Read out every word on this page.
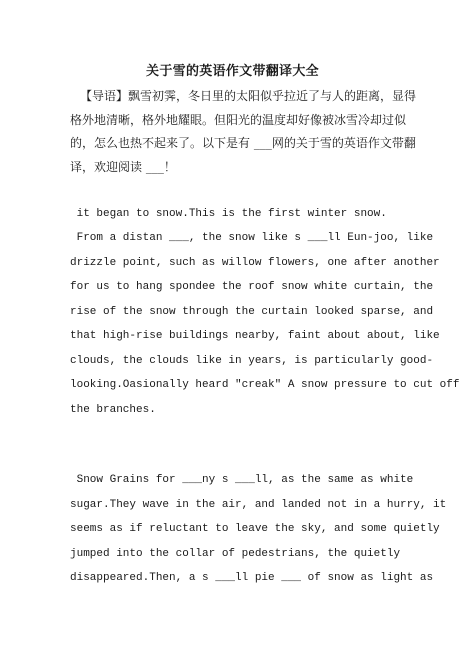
关于雪的英语作文带翻译大全
【导语】飘雪初霁，冬日里的太阳似乎拉近了与人的距离，显得
格外地清晰，格外地耀眼。但阳光的温度却好像被冰雪冷却过似
的，怎么也热不起来了。以下是有 ___网的关于雪的英语作文带翻
译，欢迎阅读 ___！
it began to snow.This is the first winter snow.
From a distan ___, the snow like s ___ll Eun-joo, like
drizzle point, such as willow flowers, one after another
for us to hang spondee the roof snow white curtain, the
rise of the snow through the curtain looked sparse, and
that high-rise buildings nearby, faint about about, like
clouds, the clouds like in years, is particularly good-
looking.Oasionally heard "creak" A snow pressure to cut off
the branches.
Snow Grains for ___ny s ___ll, as the same as white
sugar.They wave in the air, and landed not in a hurry, it
seems as if reluctant to leave the sky, and some quietly
jumped into the collar of pedestrians, the quietly
disappeared.Then, a s ___ll pie ___ of snow as light as
